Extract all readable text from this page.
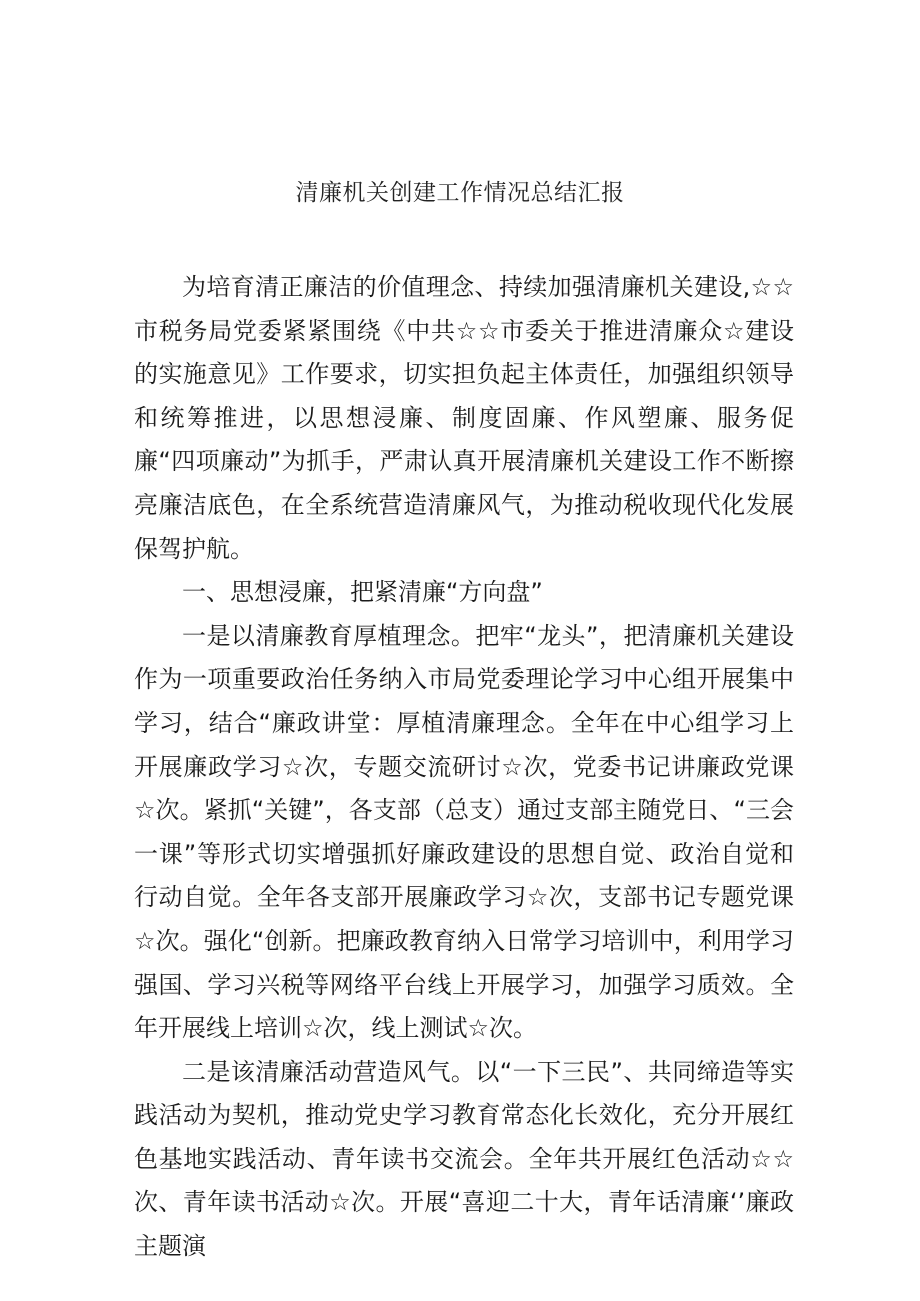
清廉机关创建工作情况总结汇报

为培育清正廉洁的价值理念、持续加强清廉机关建设,☆☆市税务局党委紧紧围绕《中共☆☆市委关于推进清廉众☆建设的实施意见》工作要求，切实担负起主体责任，加强组织领导和统筹推进，以思想浸廉、制度固廉、作风塑廉、服务促廉“四项廉动”为抓手，严肃认真开展清廉机关建设工作不断擦亮廉洁底色，在全系统营造清廉风气，为推动税收现代化发展保驾护航。

一、思想浸廉，把紧清廉“方向盘”

一是以清廉教育厚植理念。把牢“龙头”，把清廉机关建设作为一项重要政治任务纳入市局党委理论学习中心组开展集中学习，结合“廉政讲堂：厚植清廉理念。全年在中心组学习上开展廉政学习☆次，专题交流研讨☆次，党委书记讲廉政党课☆次。紧抓“关键”，各支部（总支）通过支部主随党日、“三会一课”等形式切实增强抓好廉政建设的思想自觉、政治自觉和行动自觉。全年各支部开展廉政学习☆次，支部书记专题党课☆次。强化“创新。把廉政教育纳入日常学习培训中，利用学习强国、学习兴税等网络平台线上开展学习，加强学习质效。全年开展线上培训☆次，线上测试☆次。

二是该清廉活动营造风气。以“一下三民”、共同缔造等实践活动为契机，推动党史学习教育常态化长效化，充分开展红色基地实践活动、青年读书交流会。全年共开展红色活动☆☆次、青年读书活动☆次。开展“喜迎二十大，青年话清廉‘’廉政主题演
